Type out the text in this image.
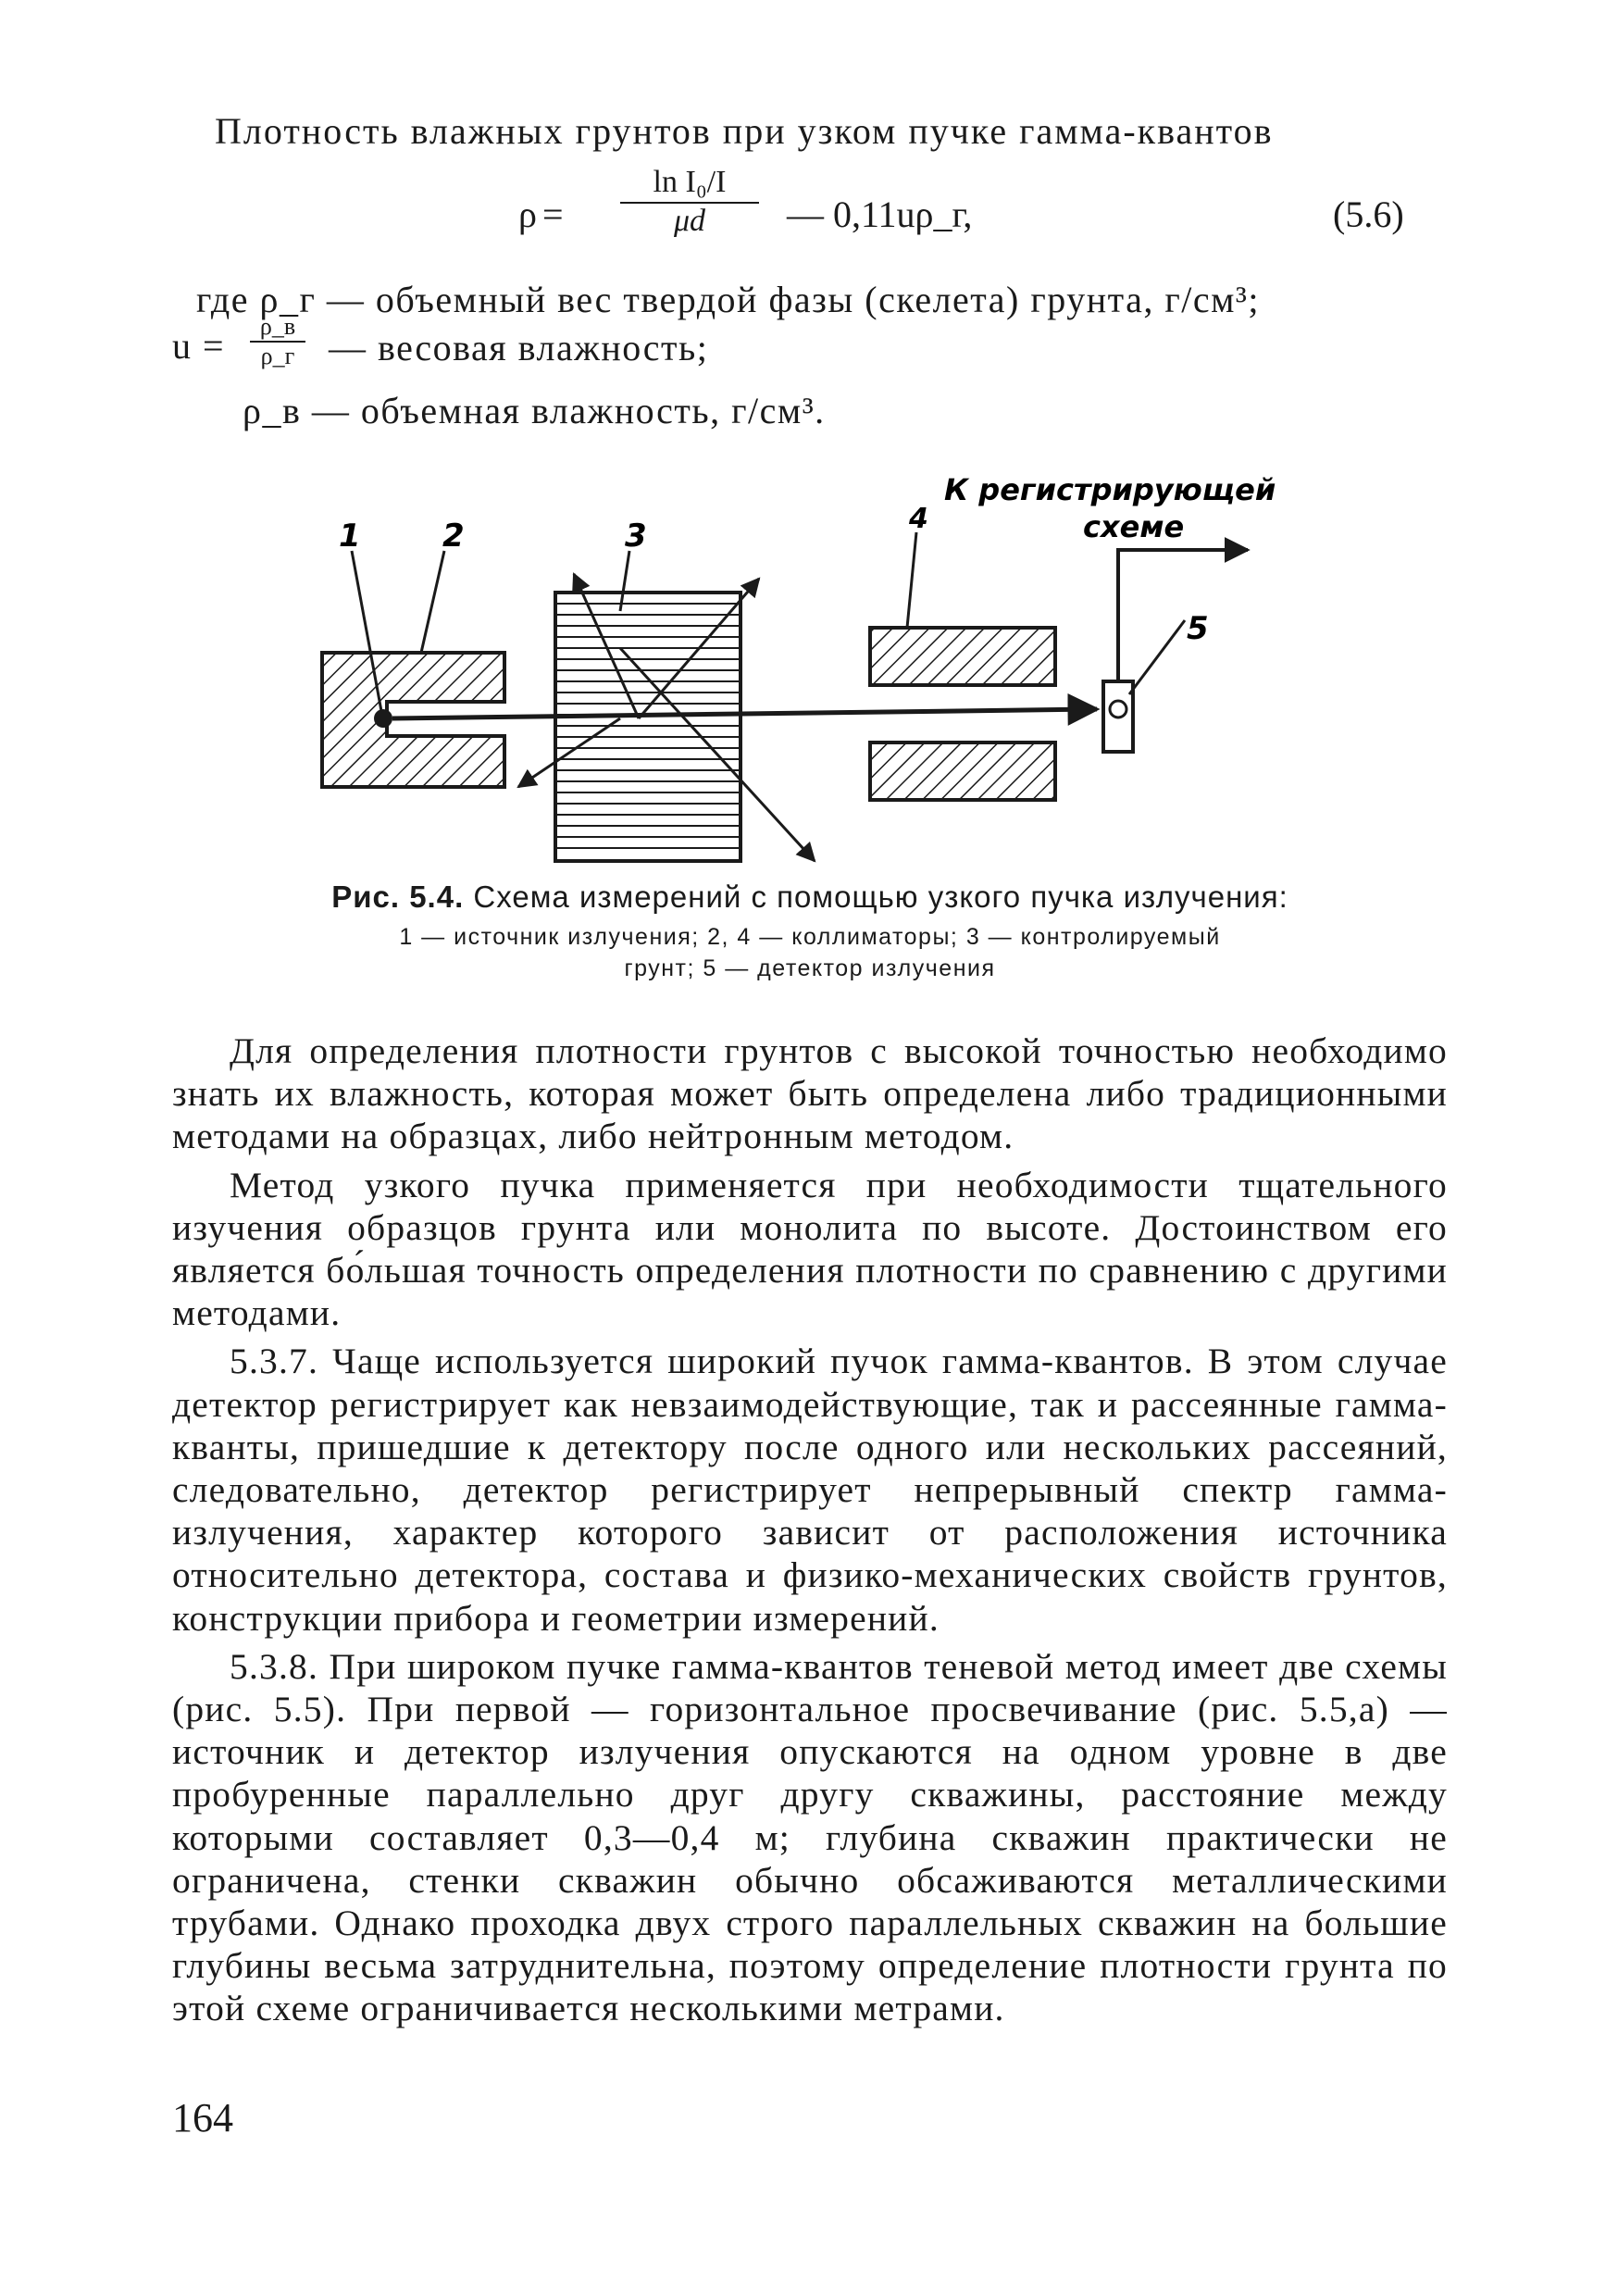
Плотность влажных грунтов при узком пучке гамма-квантов
$\rho = \frac{\text{ln I₀/I}}{\mu d}$ — 0,11uρ_г,	(5.6)
где ρ_г — объемный вес твердой фазы (скелета) грунта, г/см³;
u =	ρ_в
ρ_г — весовая влажность;
ρ_в — объемная влажность, г/см³.
1	2	3	4
5
К регистрирующей
схеме
Рис. 5.4. Схема измерений с помощью узкого пучка излучения:
1 — источник излучения; 2, 4 — коллиматоры; 3 — контролируемый
грунт; 5 — детектор излучения

Для определения плотности грунтов с высокой точностью необходимо знать их влажность, которая может быть определена либо традиционными методами на образцах, либо нейтронным методом.

Метод узкого пучка применяется при необходимости тщательного изучения образцов грунта или монолита по высоте. Достоинством его является бо́льшая точность определения плотности по сравнению с другими методами.

5.3.7. Чаще используется широкий пучок гамма-квантов. В этом случае детектор регистрирует как невзаимодействующие, так и рассеянные гамма-кванты, пришедшие к детектору после одного или нескольких рассеяний, следовательно, детектор регистрирует непрерывный спектр гамма-излучения, характер которого зависит от расположения источника относительно детектора, состава и физико-механических свойств грунтов, конструкции прибора и геометрии измерений.

5.3.8. При широком пучке гамма-квантов теневой метод имеет две схемы (рис. 5.5). При первой — горизонтальное просвечивание (рис. 5.5,а) — источник и детектор излучения опускаются на одном уровне в две пробуренные параллельно друг другу скважины, расстояние между которыми составляет 0,3—0,4 м; глубина скважин практически не ограничена, стенки скважин обычно обсаживаются металлическими трубами. Однако проходка двух строго параллельных скважин на большие глубины весьма затруднительна, поэтому определение плотности грунта по этой схеме ограничивается несколькими метрами.

164
